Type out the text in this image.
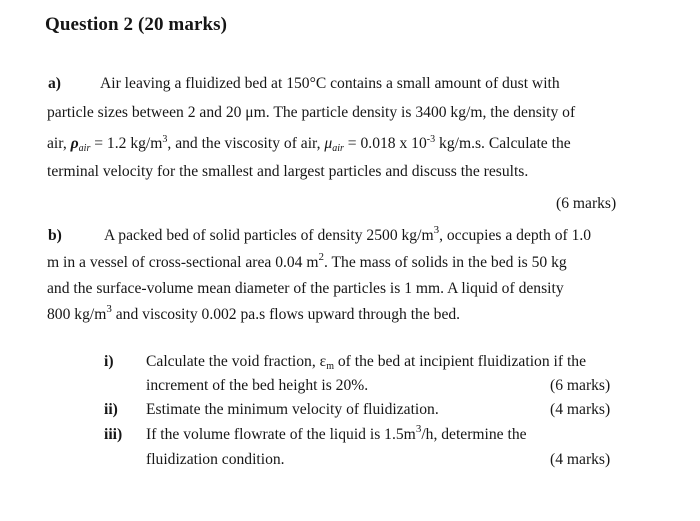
Question 2 (20 marks)
a)	Air leaving a fluidized bed at 150°C contains a small amount of dust with
particle sizes between 2 and 20 μm. The particle density is 3400 kg/m, the density of
air, $\rho_{air} = 1.2$ $kg/m^3$, and the viscosity of air, $\mu_{air} = 0.018$ x $10^{-3}$ kg/m.s. Calculate the
terminal velocity for the smallest and largest particles and discuss the results.
(6 marks)
b)	A packed bed of solid particles of density 2500 $kg/m^3$, occupies a depth of 1.0
m in a vessel of cross-sectional area 0.04 $m^2$. The mass of solids in the bed is 50 kg
and the surface-volume mean diameter of the particles is 1 mm. A liquid of density
800 $kg/m^3$ and viscosity 0.002 pa.s flows upward through the bed.
i) Calculate the void fraction, $\varepsilon_m$ of the bed at incipient fluidization if the
increment of the bed height is 20%.	(6 marks)
ii) Estimate the minimum velocity of fluidization.	(4 marks)
iii) If the volume flowrate of the liquid is $1.5m^3/h$, determine the
fluidization condition.	(4 marks)
